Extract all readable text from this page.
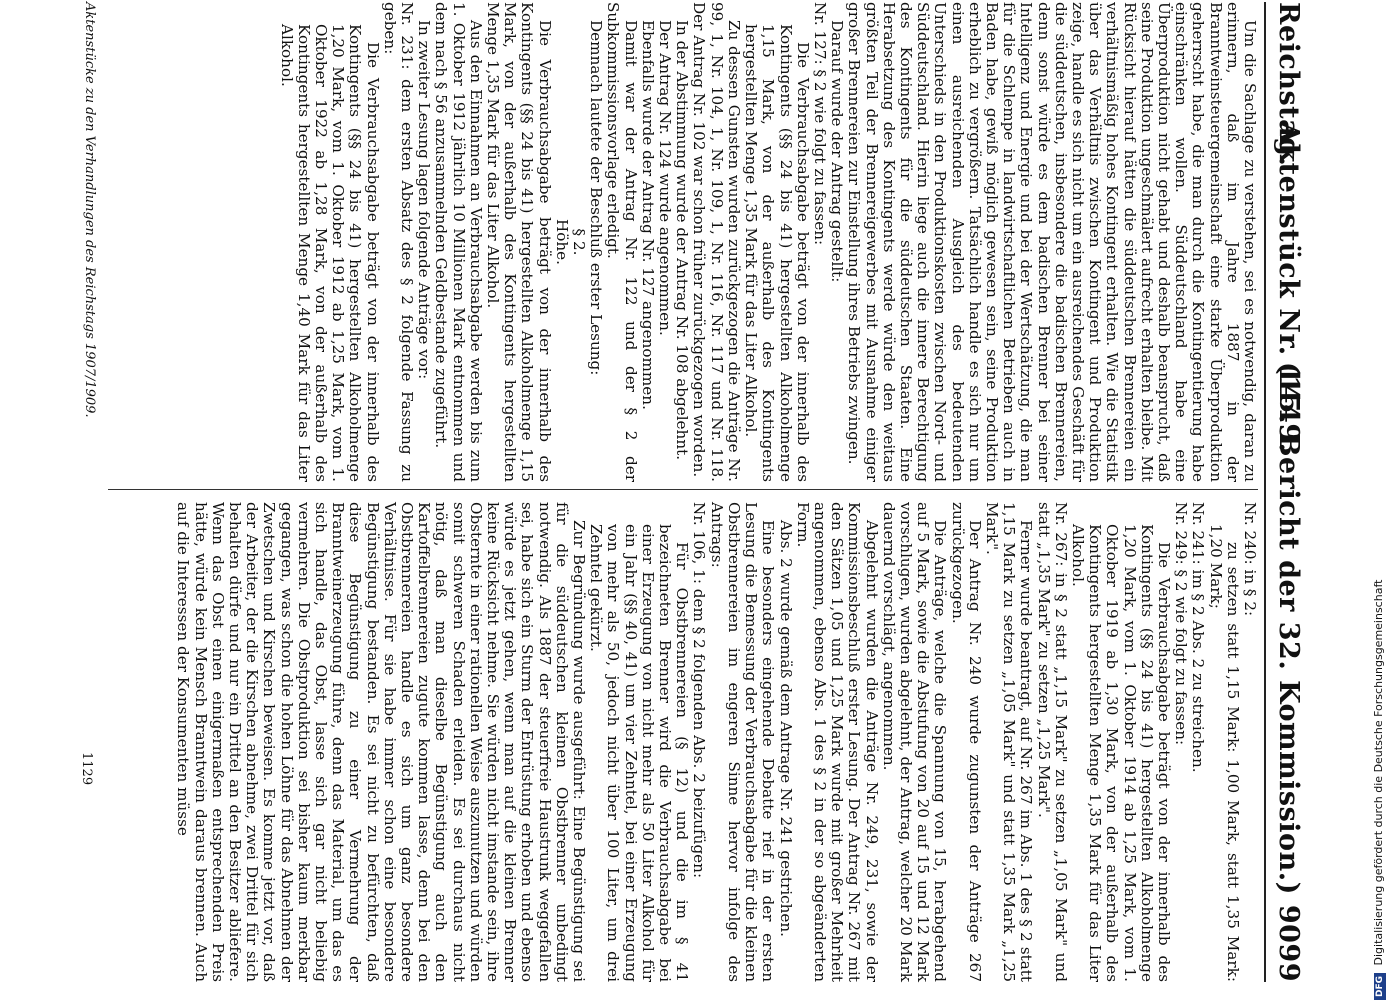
Reichstag.
Aktenstück Nr. 1449.
(15. Bericht der 32. Kommission.)
9099

Um die Sachlage zu verstehen, sei es notwendig, daran zu erinnern, daß im Jahre 1887 in der Branntweinsteuergemeinschaft eine starke Überproduktion geherrscht habe, die man durch die Kontingentierung habe einschränken wollen. Süddeutschland habe eine Überproduktion nicht gehabt und deshalb beansprucht, daß seine Produktion ungeschmälert aufrecht erhalten bleibe. Mit Rücksicht hierauf hätten die süddeutschen Brennereien ein verhältnismäßig hohes Kontingent erhalten. Wie die Statistik über das Verhältnis zwischen Kontingent und Produktion zeige, handle es sich nicht um ein ausreichendes Geschäft für die süddeutschen, insbesondere die badischen Brennereien, denn sonst würde es dem badischen Brenner bei seiner Intelligenz und Energie und bei der Wertschätzung, die man für die Schlempe in landwirtschaftlichen Betrieben auch in Baden habe, gewiß möglich gewesen sein, seine Produktion erheblich zu vergrößern. Tatsächlich handle es sich nur um einen ausreichenden Ausgleich des bedeutenden Unterschieds in den Produktionskosten zwischen Nord- und Süddeutschland. Hierin liege auch die innere Berechtigung des Kontingents für die süddeutschen Staaten. Eine Herabsetzung des Kontingents werde würde den weitaus größten Teil der Brennereigewerbes mit Ausnahme einiger großer Brennereien zur Einstellung ihres Betriebs zwingen.

Darauf wurde der Antrag gestellt:

Nr. 127: § 2 wie folgt zu fassen:

Die Verbrauchsabgabe beträgt von der innerhalb des Kontingents (§§ 24 bis 41) hergestellten Alkoholmenge 1,15 Mark, von der außerhalb des Kontingents hergestellten Menge 1,35 Mark für das Liter Alkohol.

Zu dessen Gunsten wurden zurückgezogen die Anträge Nr. 99, 1, Nr. 104, 1, Nr. 109, 1, Nr. 116, Nr. 117 und Nr. 118. Der Antrag Nr. 102 war schon früher zurückgezogen worden.

In der Abstimmung wurde der Antrag Nr. 108 abgelehnt.

Der Antrag Nr. 124 wurde angenommen.

Ebenfalls wurde der Antrag Nr. 127 angenommen.

Damit war der Antrag Nr. 122 und der § 2 der Subkommissionsvorlage erledigt.

Demnach lautete der Beschluß erster Lesung:

§ 2.

Höhe.

Die Verbrauchsabgabe beträgt von der innerhalb des Kontingents (§§ 24 bis 41) hergestellten Alkoholmenge 1,15 Mark, von der außerhalb des Kontingents hergestellten Menge 1,35 Mark für das Liter Alkohol.

Aus den Einnahmen an Verbrauchsabgabe werden bis zum 1. Oktober 1912 jährlich 10 Millionen Mark entnommen und dem nach § 56 anzusammelnden Geldbestande zugeführt.

In zweiter Lesung lagen folgende Anträge vor:

Nr. 231: dem ersten Absatz des § 2 folgende Fassung zu geben:

Die Verbrauchsabgabe beträgt von der innerhalb des Kontingents (§§ 24 bis 41) hergestellten Alkoholmenge 1,20 Mark, vom 1. Oktober 1912 ab 1,25 Mark, vom 1. Oktober 1922 ab 1,28 Mark, von der außerhalb des Kontingents hergestellten Menge 1,40 Mark für das Liter Alkohol.

Nr. 240: in § 2:

zu setzen statt 1,15 Mark: 1,00 Mark, statt 1,35 Mark: 1,20 Mark;

Nr. 241: im § 2 Abs. 2 zu streichen.

Nr. 249: § 2 wie folgt zu fassen:

Die Verbrauchsabgabe beträgt von der innerhalb des Kontingents (§§ 24 bis 41) hergestellten Alkoholmenge 1,20 Mark, vom 1. Oktober 1914 ab 1,25 Mark, vom 1. Oktober 1919 ab 1,30 Mark, von der außerhalb des Kontingents hergestellten Menge 1,35 Mark für das Liter Alkohol.

Nr. 267: in § 2 statt „1,15 Mark" zu setzen „1,05 Mark" und statt „1,35 Mark" zu setzen „1,25 Mark".

Ferner wurde beantragt, auf Nr. 267 im Abs. 1 des § 2 statt 1,15 Mark zu setzen „1,05 Mark" und statt 1,35 Mark „1,25 Mark".

Der Antrag Nr. 240 wurde zugunsten der Anträge 267 zurückgezogen.

Die Anträge, welche die Spannung von 15, herabgehend auf 5 Mark, sowie die Abstufung von 20 auf 15 und 12 Mark vorschlugen, wurden abgelehnt, der Antrag, welcher 20 Mark dauernd vorschlägt, angenommen.

Abgelehnt wurden die Anträge Nr. 249, 231, sowie der Kommissionsbeschluß erster Lesung. Der Antrag Nr. 267 mit den Sätzen 1,05 und 1,25 Mark wurde mit großer Mehrheit angenommen, ebenso Abs. 1 des § 2 in der so abgeänderten Form.

Abs. 2 wurde gemäß dem Antrage Nr. 241 gestrichen.

Eine besonders eingehende Debatte rief in der ersten Lesung die Bemessung der Verbrauchsabgabe für die kleinen Obstbrennereien im engeren Sinne hervor infolge des Antrags:

Nr. 106, 1: dem § 2 folgenden Abs. 2 beizufügen:

Für Obstbrennereien (§ 12) und die im § 41 bezeichneten Brenner wird die Verbrauchsabgabe bei einer Erzeugung von nicht mehr als 50 Liter Alkohol für ein Jahr (§§ 40, 41) um vier Zehntel, bei einer Erzeugung von mehr als 50, jedoch nicht über 100 Liter, um drei Zehntel gekürzt.

Zur Begründung wurde ausgeführt: Eine Begünstigung sei für die süddeutschen kleinen Obstbrenner unbedingt notwendig. Als 1887 der steuerfreie Haustrunk weggefallen sei, habe sich ein Sturm der Entrüstung erhoben und ebenso würde es jetzt gehen, wenn man auf die kleinen Brenner keine Rücksicht nehme. Sie würden nicht imstande sein, ihre Obsternte in einer rationellen Weise auszunutzen und würden somit schweren Schaden erleiden. Es sei durchaus nicht nötig, daß man dieselbe Begünstigung auch den Kartoffelbrennereien zugute kommen lasse, denn bei den Obstbrennereien handle es sich um ganz besondere Verhältnisse. Für sie habe immer schon eine besondere Begünstigung bestanden. Es sei nicht zu befürchten, daß diese Begünstigung zu einer Vermehrung der Branntweinerzeugung führe, denn das Material, um das es sich handle, das Obst, lasse sich gar nicht beliebig vermehren. Die Obstproduktion sei bisher kaum merkbar gegangen, was schon die hohen Löhne für das Abnehmen der Zwetschen und Kirschen beweisen. Es komme jetzt vor, daß der Arbeiter, der die Kirschen abnehme, zwei Drittel für sich behalten dürfe und nur ein Drittel an den Besitzer abliefere. Wenn das Obst einen einigermaßen entsprechenden Preis hätte, würde kein Mensch Branntwein daraus brennen. Auch auf die Interessen der Konsumenten müsse

Aktenstücke zu den Verhandlungen des Reichstags 1907/1909.
1129
DFG Digitalisierung gefördert durch die Deutsche Forschungsgemeinschaft
